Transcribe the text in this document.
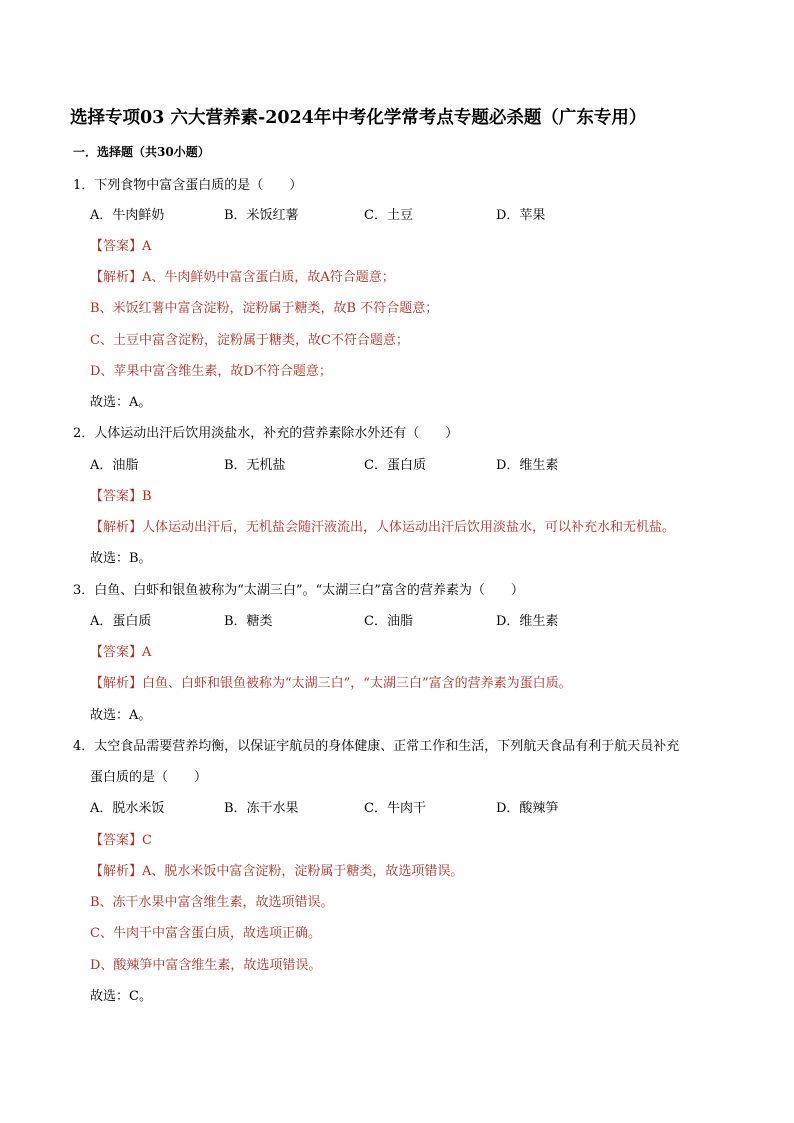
选择专项03 六大营养素-2024年中考化学常考点专题必杀题（广东专用）
一．选择题（共30小题）
1．下列食物中富含蛋白质的是（　　）
A．牛肉鲜奶	B．米饭红薯	C．土豆	D．苹果
【答案】A
【解析】A、牛肉鲜奶中富含蛋白质，故A符合题意；
B、米饭红薯中富含淀粉，淀粉属于糖类，故B 不符合题意；
C、土豆中富含淀粉，淀粉属于糖类，故C不符合题意；
D、苹果中富含维生素，故D不符合题意；
故选：A。
2．人体运动出汗后饮用淡盐水，补充的营养素除水外还有（　　）
A．油脂	B．无机盐	C．蛋白质	D．维生素
【答案】B
【解析】人体运动出汗后，无机盐会随汗液流出，人体运动出汗后饮用淡盐水，可以补充水和无机盐。
故选：B。
3．白鱼、白虾和银鱼被称为“太湖三白”。“太湖三白”富含的营养素为（　　）
A．蛋白质	B．糖类	C．油脂	D．维生素
【答案】A
【解析】白鱼、白虾和银鱼被称为“太湖三白”，“太湖三白”富含的营养素为蛋白质。
故选：A。
4．太空食品需要营养均衡，以保证宇航员的身体健康、正常工作和生活，下列航天食品有利于航天员补充
蛋白质的是（　　）
A．脱水米饭	B．冻干水果	C．牛肉干	D．酸辣笋
【答案】C
【解析】A、脱水米饭中富含淀粉，淀粉属于糖类，故选项错误。
B、冻干水果中富含维生素，故选项错误。
C、牛肉干中富含蛋白质，故选项正确。
D、酸辣笋中富含维生素，故选项错误。
故选：C。
